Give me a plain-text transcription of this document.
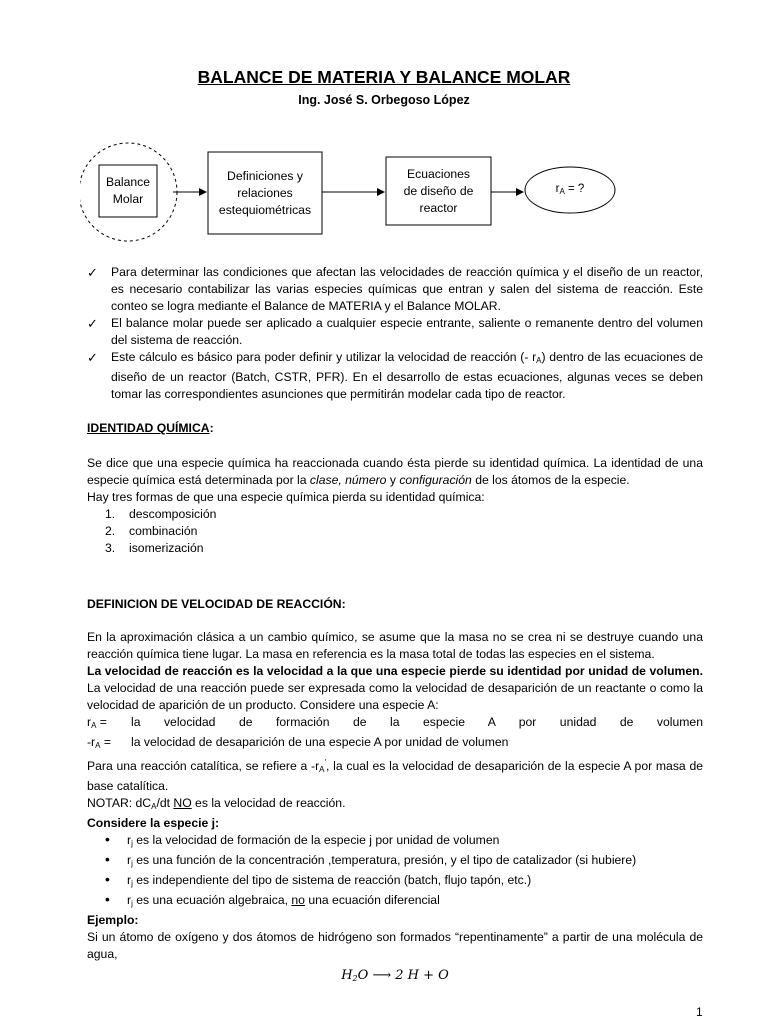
BALANCE DE MATERIA Y BALANCE MOLAR
Ing. José S. Orbegoso López
Balance
Molar
Definiciones y
relaciones
estequiométricas
Ecuaciones
de diseño de
reactor
$r_A$ = ?
✓ Para determinar las condiciones que afectan las velocidades de reacción química y el diseño de un reactor, es necesario contabilizar las varias especies químicas que entran y salen del sistema de reacción. Este conteo se logra mediante el Balance de MATERIA y el Balance MOLAR.
✓ El balance molar puede ser aplicado a cualquier especie entrante, saliente o remanente dentro del volumen del sistema de reacción.
✓ Este cálculo es básico para poder definir y utilizar la velocidad de reacción (- $r_A$) dentro de las ecuaciones de diseño de un reactor (Batch, CSTR, PFR). En el desarrollo de estas ecuaciones, algunas veces se deben tomar las correspondientes asunciones que permitirán modelar cada tipo de reactor.
IDENTIDAD QUÍMICA:
Se dice que una especie química ha reaccionada cuando ésta pierde su identidad química. La identidad de una especie química está determinada por la clase, número y configuración de los átomos de la especie.
Hay tres formas de que una especie química pierda su identidad química:
1. descomposición
2. combinación
3. isomerización
DEFINICION DE VELOCIDAD DE REACCIÓN:
En la aproximación clásica a un cambio químico, se asume que la masa no se crea ni se destruye cuando una reacción química tiene lugar. La masa en referencia es la masa total de todas las especies en el sistema.
La velocidad de reacción es la velocidad a la que una especie pierde su identidad por unidad de volumen. La velocidad de una reacción puede ser expresada como la velocidad de desaparición de un reactante o como la velocidad de aparición de un producto. Considere una especie A:
$r_A$ =	la velocidad de formación de la especie A por unidad de volumen
$-r_A$ =	la velocidad de desaparición de una especie A por unidad de volumen
Para una reacción catalítica, se refiere a $-r_A'$, la cual es la velocidad de desaparición de la especie A por masa de base catalítica.
NOTAR: $dC_A/dt$ NO es la velocidad de reacción.
Considere la especie j:
• $r_j$ es la velocidad de formación de la especie j por unidad de volumen
• $r_j$ es una función de la concentración ,temperatura, presión, y el tipo de catalizador (si hubiere)
• $r_j$ es independiente del tipo de sistema de reacción (batch, flujo tapón, etc.)
• $r_j$ es una ecuación algebraica, no una ecuación diferencial
Ejemplo:
Si un átomo de oxígeno y dos átomos de hidrógeno son formados “repentinamente” a partir de una molécula de agua,
$H_2O$ ⟶ 2 H + O
1
